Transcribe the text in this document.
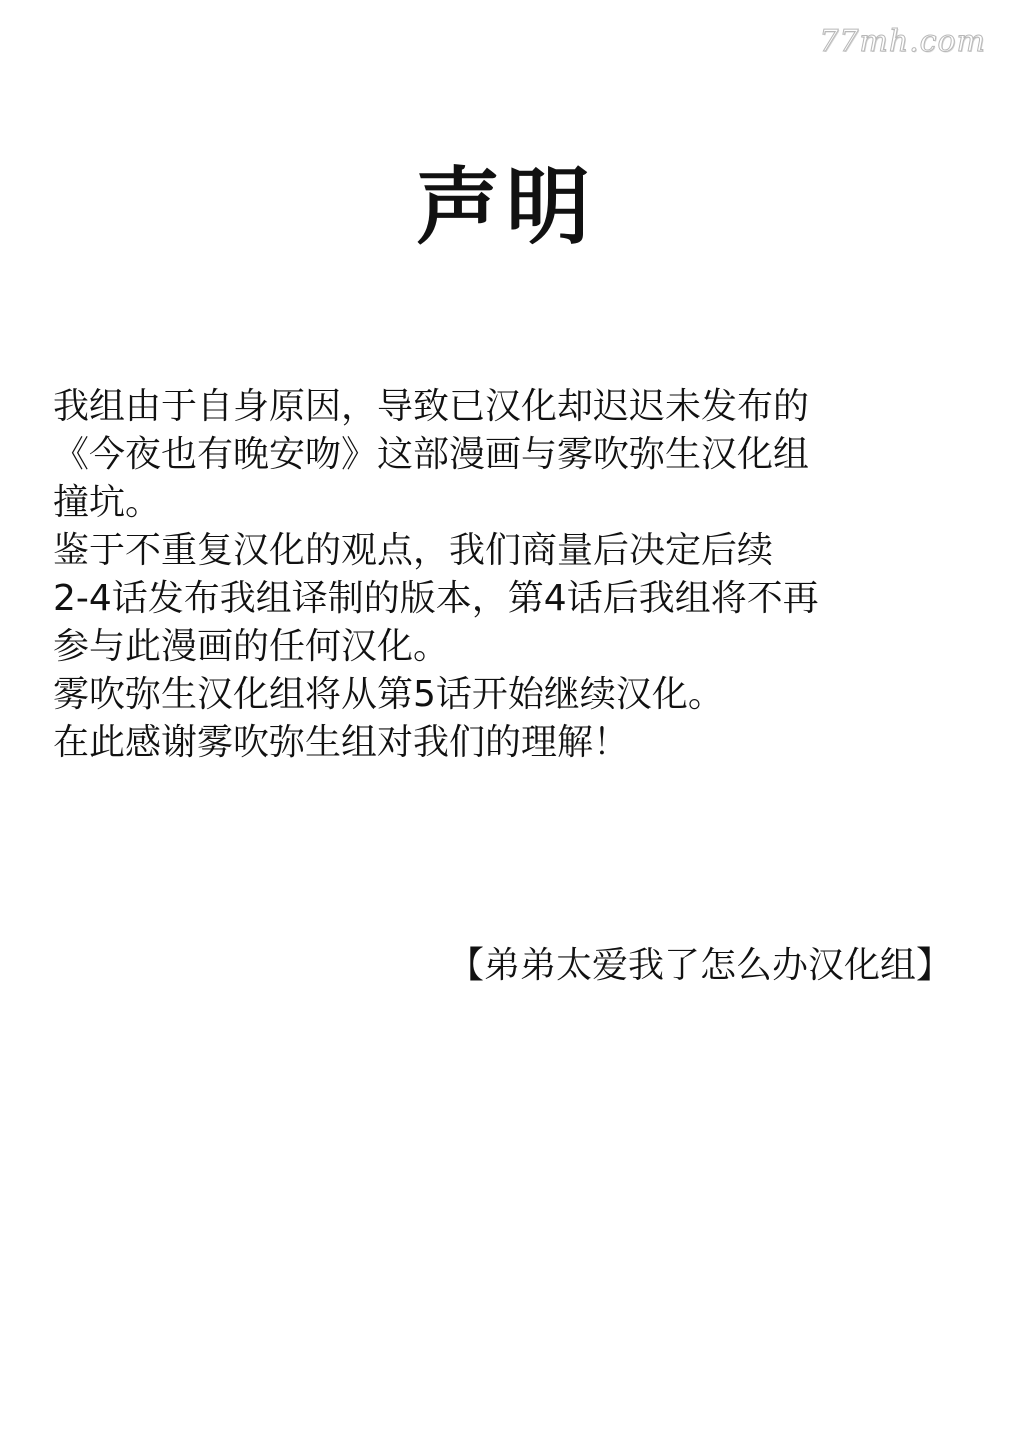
77mh.com
声明
我组由于自身原因，导致已汉化却迟迟未发布的
《今夜也有晚安吻》这部漫画与雾吹弥生汉化组
撞坑。
鉴于不重复汉化的观点，我们商量后决定后续
2-4话发布我组译制的版本，第4话后我组将不再
参与此漫画的任何汉化。
雾吹弥生汉化组将从第5话开始继续汉化。
在此感谢雾吹弥生组对我们的理解！
【弟弟太爱我了怎么办汉化组】
